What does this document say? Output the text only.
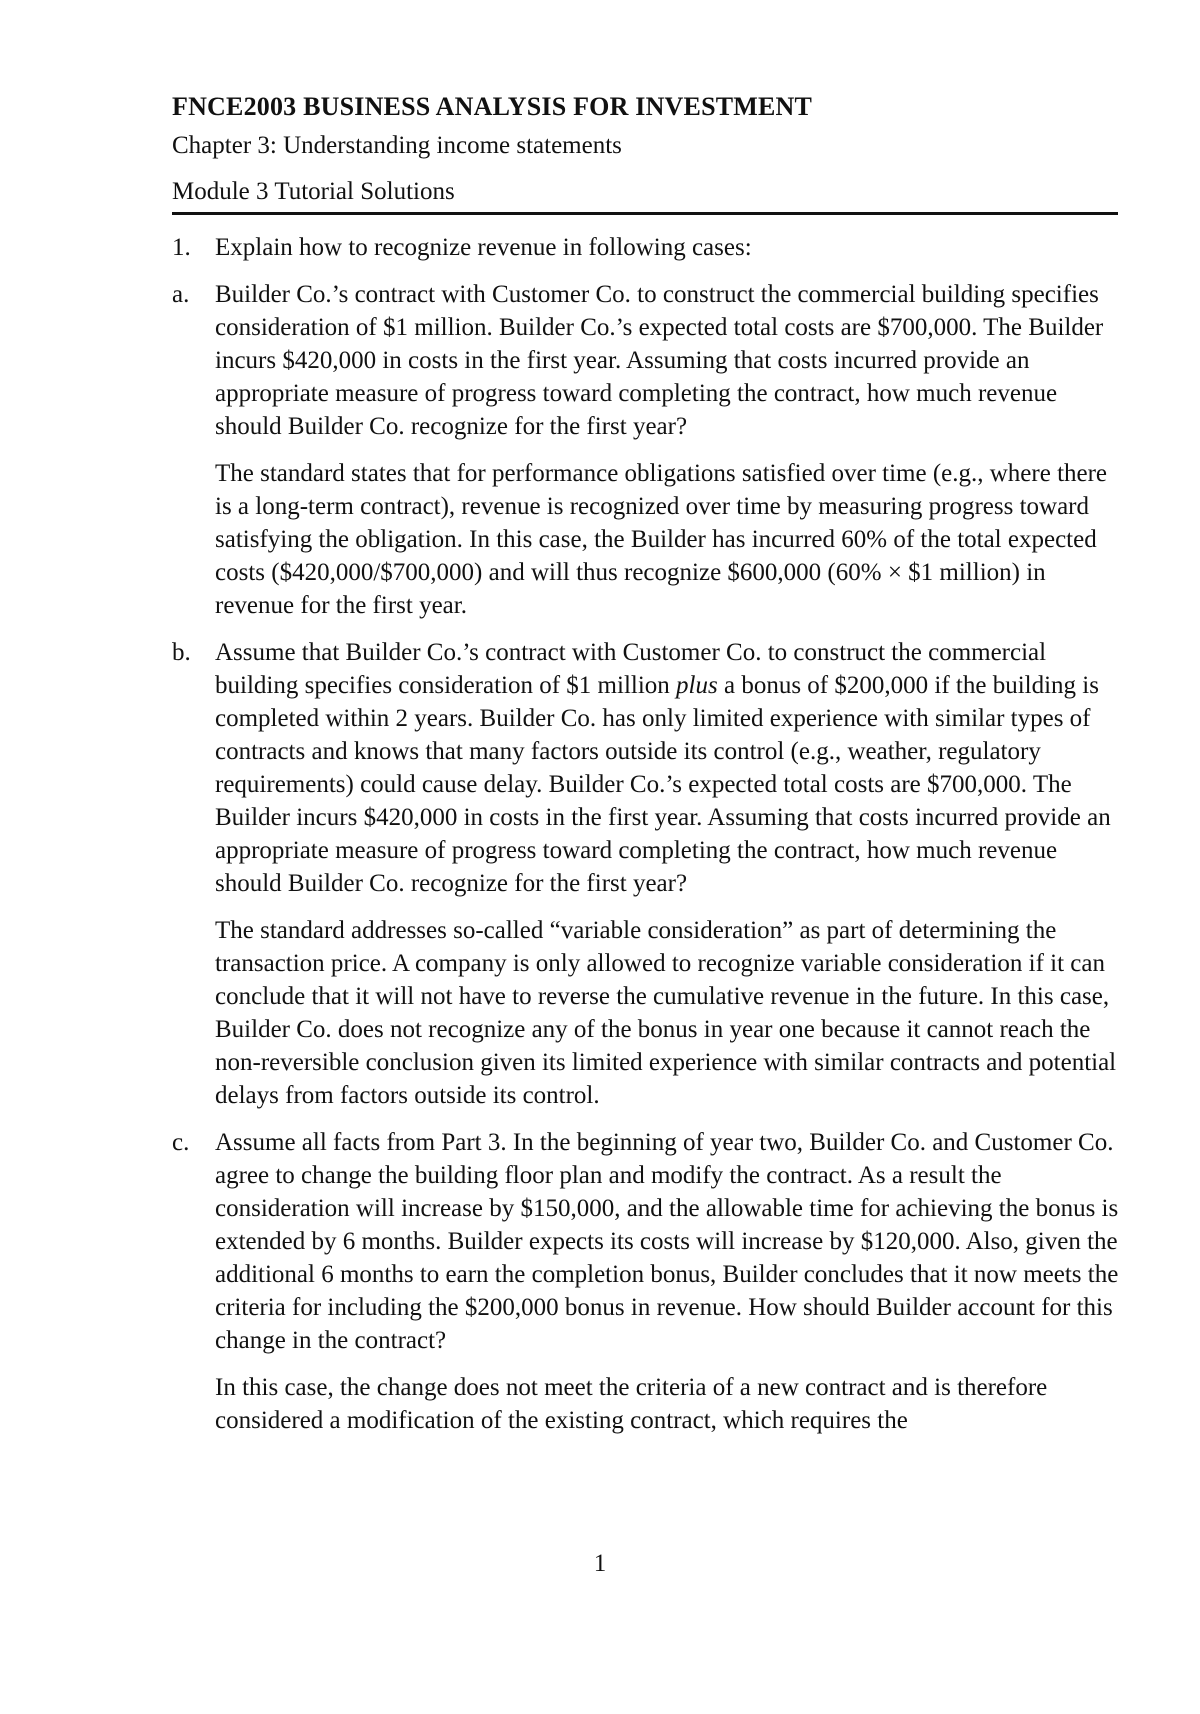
FNCE2003 BUSINESS ANALYSIS FOR INVESTMENT
Chapter 3: Understanding income statements
Module 3 Tutorial Solutions
1. Explain how to recognize revenue in following cases:
a. Builder Co.’s contract with Customer Co. to construct the commercial building specifies consideration of $1 million. Builder Co.’s expected total costs are $700,000. The Builder incurs $420,000 in costs in the first year. Assuming that costs incurred provide an appropriate measure of progress toward completing the contract, how much revenue should Builder Co. recognize for the first year?
The standard states that for performance obligations satisfied over time (e.g., where there is a long-term contract), revenue is recognized over time by measuring progress toward satisfying the obligation. In this case, the Builder has incurred 60% of the total expected costs ($420,000/$700,000) and will thus recognize $600,000 (60% × $1 million) in revenue for the first year.
b. Assume that Builder Co.’s contract with Customer Co. to construct the commercial building specifies consideration of $1 million plus a bonus of $200,000 if the building is completed within 2 years. Builder Co. has only limited experience with similar types of contracts and knows that many factors outside its control (e.g., weather, regulatory requirements) could cause delay. Builder Co.’s expected total costs are $700,000. The Builder incurs $420,000 in costs in the first year. Assuming that costs incurred provide an appropriate measure of progress toward completing the contract, how much revenue should Builder Co. recognize for the first year?
The standard addresses so-called “variable consideration” as part of determining the transaction price. A company is only allowed to recognize variable consideration if it can conclude that it will not have to reverse the cumulative revenue in the future. In this case, Builder Co. does not recognize any of the bonus in year one because it cannot reach the non-reversible conclusion given its limited experience with similar contracts and potential delays from factors outside its control.
c. Assume all facts from Part 3. In the beginning of year two, Builder Co. and Customer Co. agree to change the building floor plan and modify the contract. As a result the consideration will increase by $150,000, and the allowable time for achieving the bonus is extended by 6 months. Builder expects its costs will increase by $120,000. Also, given the additional 6 months to earn the completion bonus, Builder concludes that it now meets the criteria for including the $200,000 bonus in revenue. How should Builder account for this change in the contract?
In this case, the change does not meet the criteria of a new contract and is therefore considered a modification of the existing contract, which requires the
1
